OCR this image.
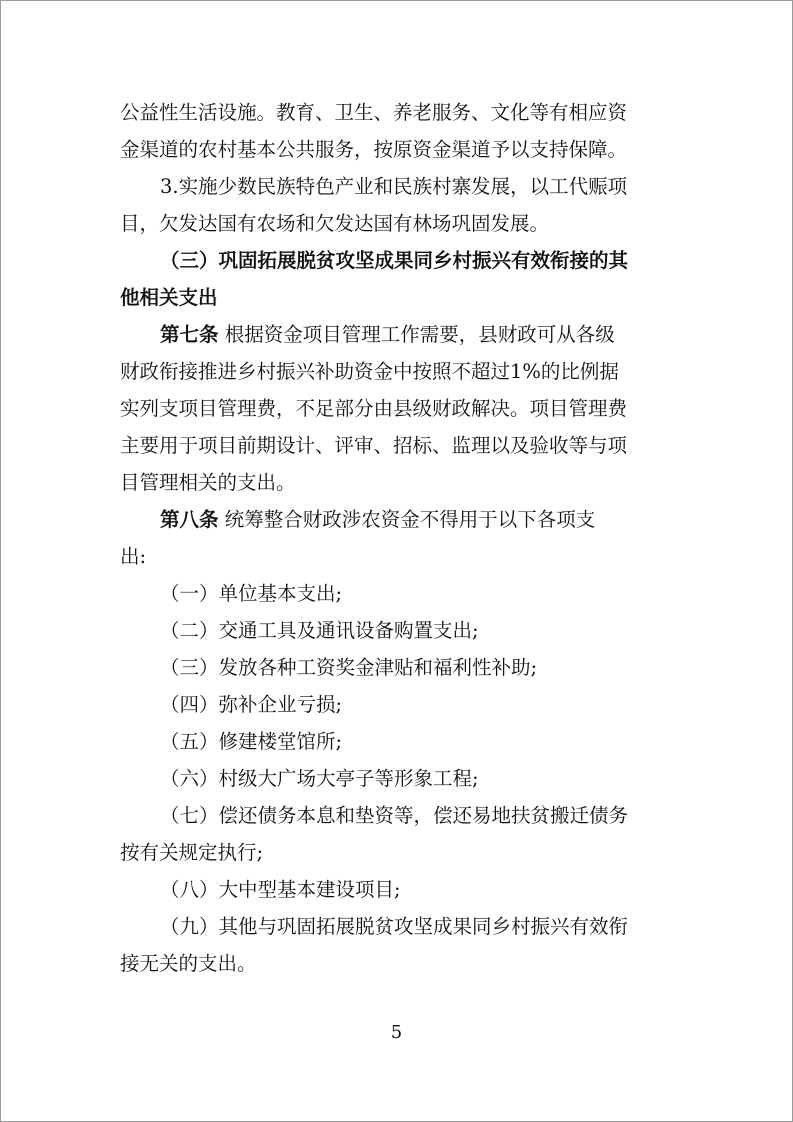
公益性生活设施。教育、卫生、养老服务、文化等有相应资

金渠道的农村基本公共服务，按原资金渠道予以支持保障。

3.实施少数民族特色产业和民族村寨发展，以工代赈项

目，欠发达国有农场和欠发达国有林场巩固发展。

（三）巩固拓展脱贫攻坚成果同乡村振兴有效衔接的其

他相关支出

第七条 根据资金项目管理工作需要，县财政可从各级

财政衔接推进乡村振兴补助资金中按照不超过1%的比例据

实列支项目管理费，不足部分由县级财政解决。项目管理费

主要用于项目前期设计、评审、招标、监理以及验收等与项

目管理相关的支出。

第八条 统筹整合财政涉农资金不得用于以下各项支

出:

（一）单位基本支出;

（二）交通工具及通讯设备购置支出;

（三）发放各种工资奖金津贴和福利性补助;

（四）弥补企业亏损;

（五）修建楼堂馆所;

（六）村级大广场大亭子等形象工程;

（七）偿还债务本息和垫资等，偿还易地扶贫搬迁债务

按有关规定执行;

（八）大中型基本建设项目;

（九）其他与巩固拓展脱贫攻坚成果同乡村振兴有效衔

接无关的支出。

5
